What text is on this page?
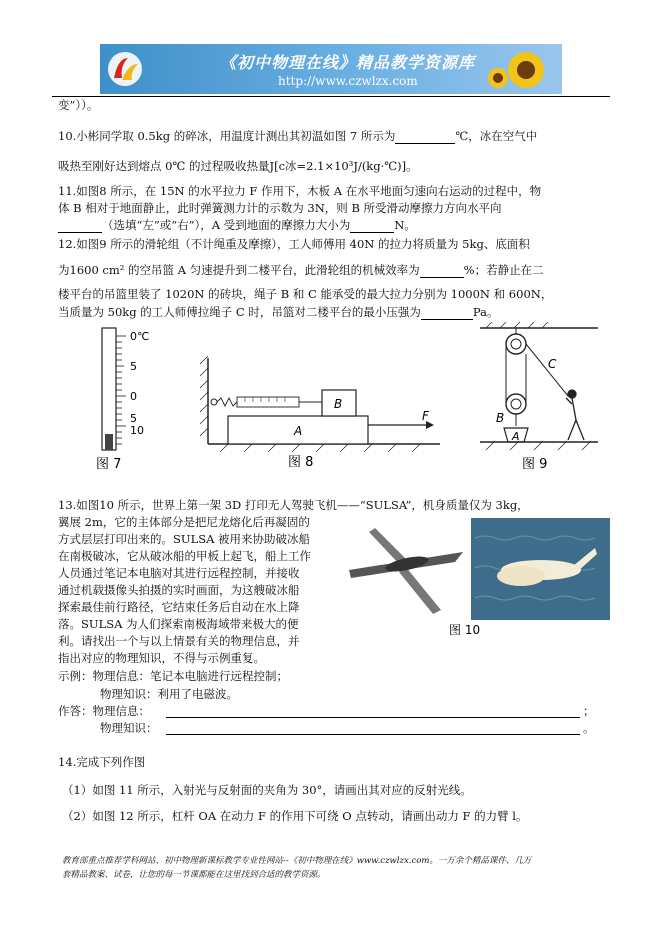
《初中物理在线》精品教学资源库
http://www.czwlzx.com
变”））。
10.小彬同学取 0.5kg 的碎冰，用温度计测出其初温如图 7 所示为	℃，冰在空气中
吸热至刚好达到熔点 0℃ 的过程吸收热量J[c冰=2.1×10³J/(kg·℃)]。
11.如图8 所示，在 15N 的水平拉力 F 作用下，木板 A 在水平地面匀速向右运动的过程中，物
体 B 相对于地面静止，此时弹簧测力计的示数为 3N，则 B 所受滑动摩擦力方向水平向
（选填“左”或“右”），A 受到地面的摩擦力大小为	N。
12.如图9 所示的滑轮组（不计绳重及摩擦），工人师傅用 40N 的拉力将质量为 5kg、底面积
为1600 cm² 的空吊篮 A 匀速提升到二楼平台，此滑轮组的机械效率为	%；若静止在二
楼平台的吊篮里装了 1020N 的砖块，绳子 B 和 C 能承受的最大拉力分别为 1000N 和 600N，
当质量为 50kg 的工人师傅拉绳子 C 时，吊篮对二楼平台的最小压强为	Pa。
0℃
5
0
5
10
图 7
A
B
F
图 8
C
B
A
图 9
13.如图10 所示，世界上第一架 3D 打印无人驾驶飞机——“SULSA”，机身质量仅为 3kg，
翼展 2m，它的主体部分是把尼龙熔化后再凝固的
方式层层打印出来的。SULSA 被用来协助破冰船
在南极破冰，它从破冰船的甲板上起飞，船上工作
人员通过笔记本电脑对其进行远程控制，并接收
通过机载摄像头拍摄的实时画面，为这艘破冰船
探索最佳前行路径，它结束任务后自动在水上降
落。SULSA 为人们探索南极海域带来极大的便
利。请找出一个与以上情景有关的物理信息，并
指出对应的物理知识，不得与示例重复。
图 10
示例：物理信息：笔记本电脑进行远程控制；
物理知识：利用了电磁波。
作答：物理信息：	；
物理知识：	。
14.完成下列作图
（1）如图 11 所示，入射光与反射面的夹角为 30°，请画出其对应的反射光线。
（2）如图 12 所示，杠杆 OA 在动力 F 的作用下可绕 O 点转动，请画出动力 F 的力臂 l。
教育部重点推荐学科网站、初中物理新课标教学专业性网站--《初中物理在线》www.czwlzx.com。一万余个精品课件、几万
套精品教案、试卷，让您的每一节课都能在这里找到合适的教学资源。
